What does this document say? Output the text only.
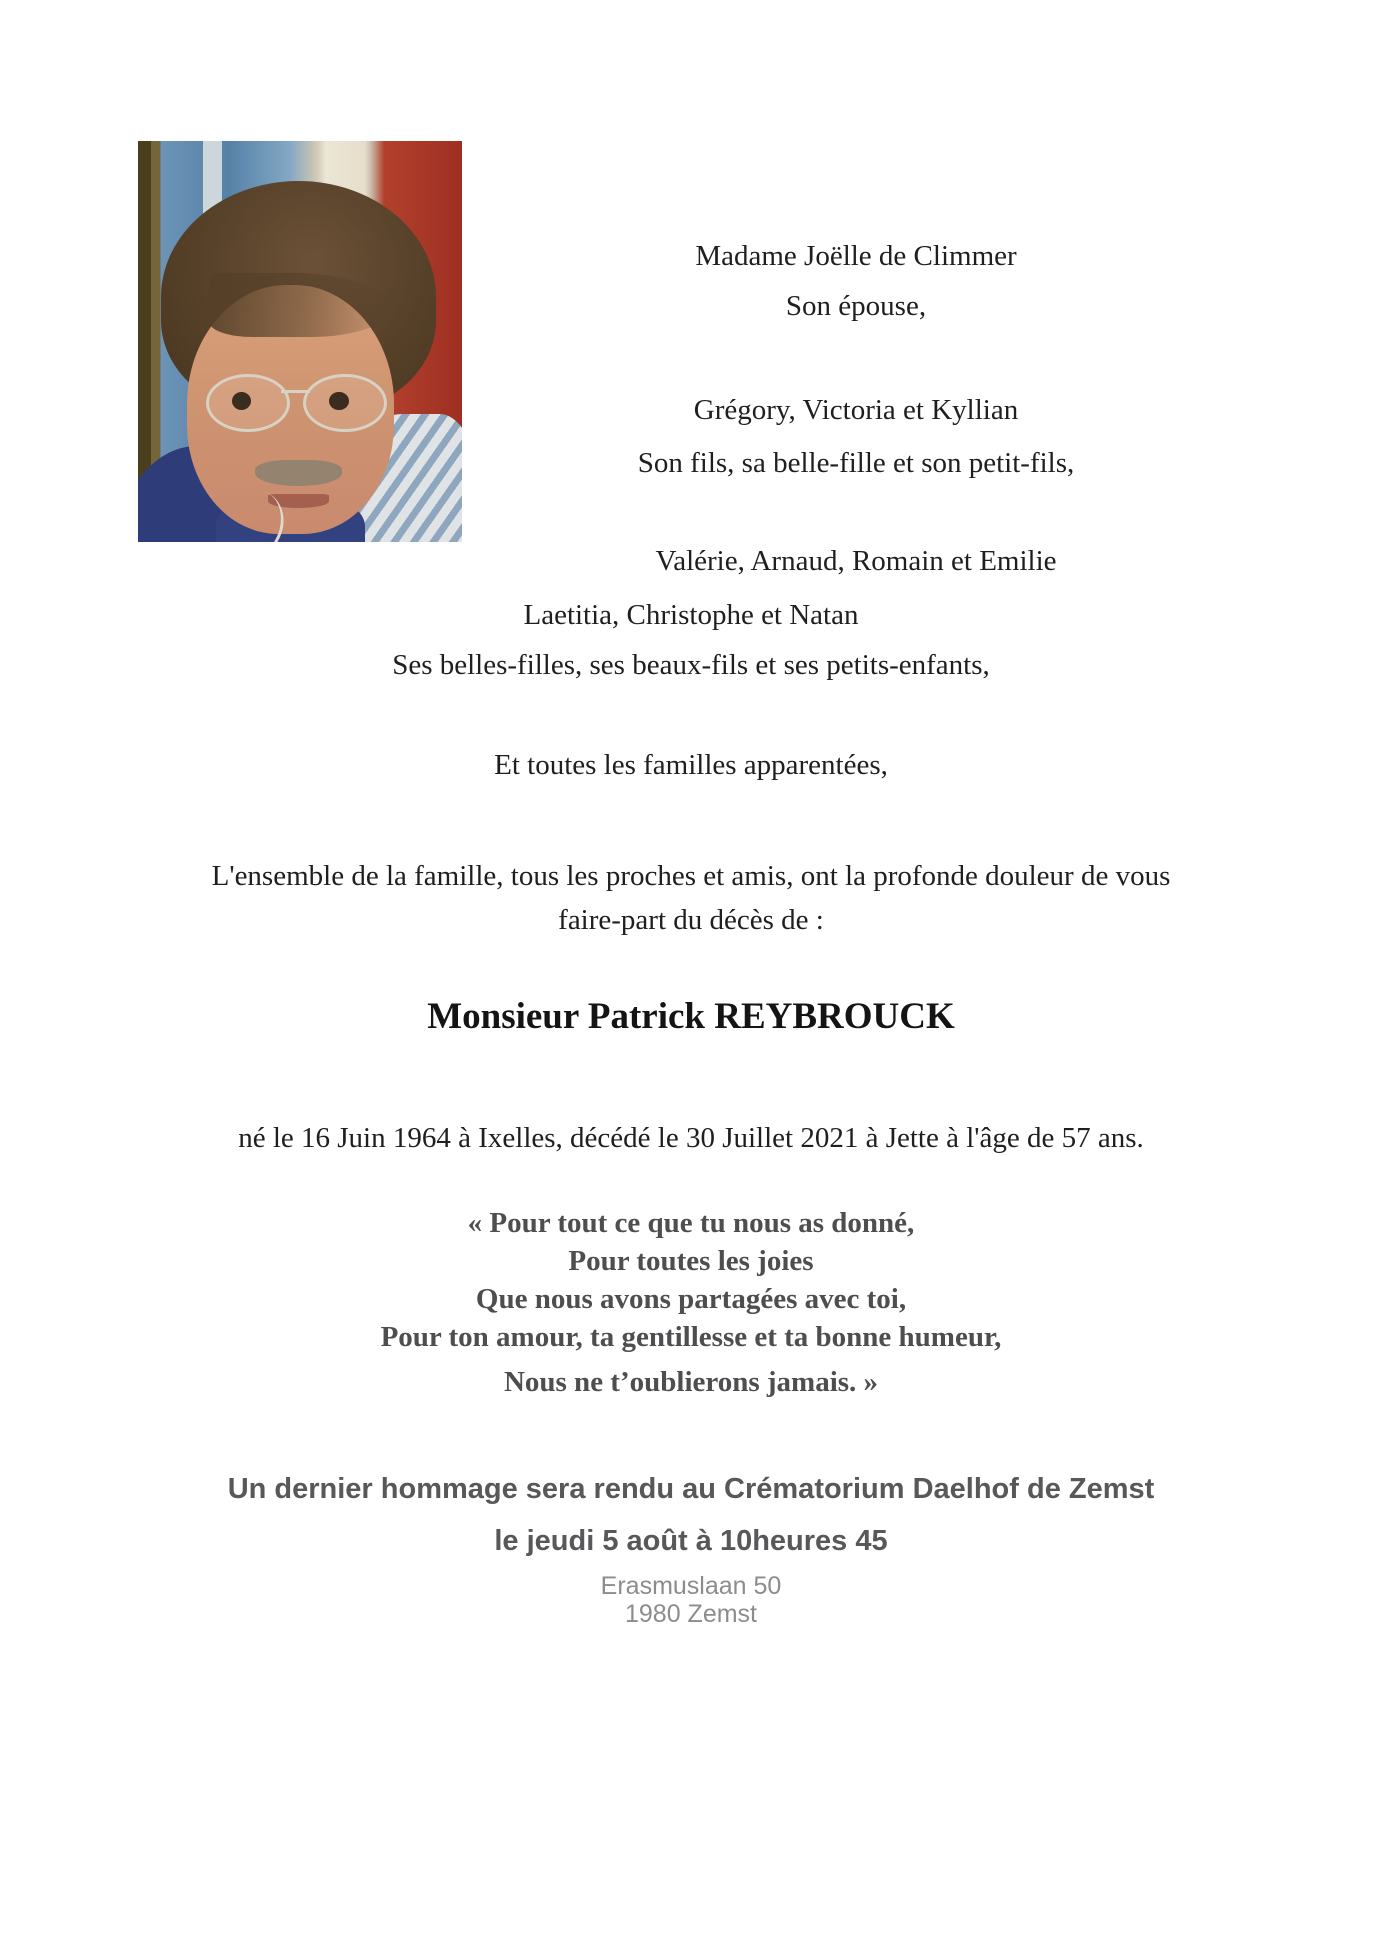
Madame Joëlle de Climmer
Son épouse,
Grégory, Victoria et Kyllian
Son fils, sa belle-fille et son petit-fils,
Valérie, Arnaud, Romain et Emilie
Laetitia, Christophe et Natan
Ses belles-filles, ses beaux-fils et ses petits-enfants,
Et toutes les familles apparentées,
L'ensemble de la famille, tous les proches et amis, ont la profonde douleur de vous
faire-part du décès de :
Monsieur Patrick REYBROUCK
né le 16 Juin 1964 à Ixelles, décédé le 30 Juillet 2021 à Jette à l'âge de 57 ans.
« Pour tout ce que tu nous as donné,
Pour toutes les joies
Que nous avons partagées avec toi,
Pour ton amour, ta gentillesse et ta bonne humeur,
Nous ne t’oublierons jamais. »
Un dernier hommage sera rendu au Crématorium Daelhof de Zemst
le jeudi 5 août à 10heures 45
Erasmuslaan 50
1980 Zemst
